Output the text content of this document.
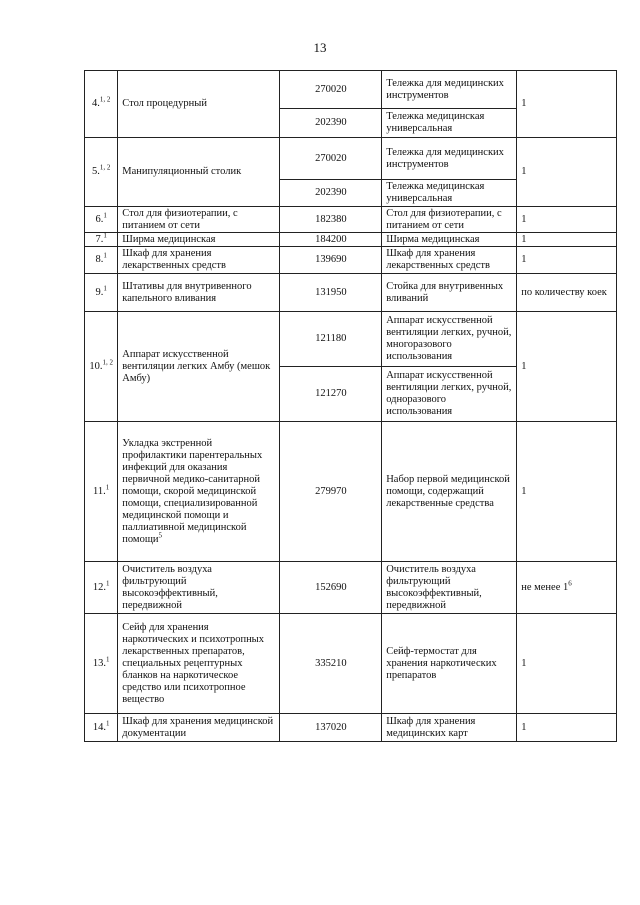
13
4.$^{1, 2}$	Стол процедурный	270020	Тележка для медицинских инструментов	1
		202390	Тележка медицинская универсальная	
5.$^{1, 2}$	Манипуляционный столик	270020	Тележка для медицинских инструментов	1
		202390	Тележка медицинская универсальная	
6.$^1$	Стол для физиотерапии, с питанием от сети	182380	Стол для физиотерапии, с питанием от сети	1
7.$^1$	Ширма медицинская	184200	Ширма медицинская	1
8.$^1$	Шкаф для хранения лекарственных средств	139690	Шкаф для хранения лекарственных средств	1
9.$^1$	Штативы для внутривенного капельного вливания	131950	Стойка для внутривенных вливаний	по количеству коек
10.$^{1, 2}$	Аппарат искусственной вентиляции легких Амбу (мешок Амбу)	121180	Аппарат искусственной вентиляции легких, ручной, многоразового использования	1
		121270	Аппарат искусственной вентиляции легких, ручной, одноразового использования	
11.$^1$	Укладка экстренной профилактики парентеральных инфекций для оказания первичной медико-санитарной помощи, скорой медицинской помощи, специализированной медицинской помощи и паллиативной медицинской помощи$^5$	279970	Набор первой медицинской помощи, содержащий лекарственные средства	1
12.$^1$	Очиститель воздуха фильтрующий высокоэффективный, передвижной	152690	Очиститель воздуха фильтрующий высокоэффективный, передвижной	не менее $1^6$
13.$^1$	Сейф для хранения наркотических и психотропных лекарственных препаратов, специальных рецептурных бланков на наркотическое средство или психотропное вещество	335210	Сейф-термостат для хранения наркотических препаратов	1
14.$^1$	Шкаф для хранения медицинской документации	137020	Шкаф для хранения медицинских карт	1
